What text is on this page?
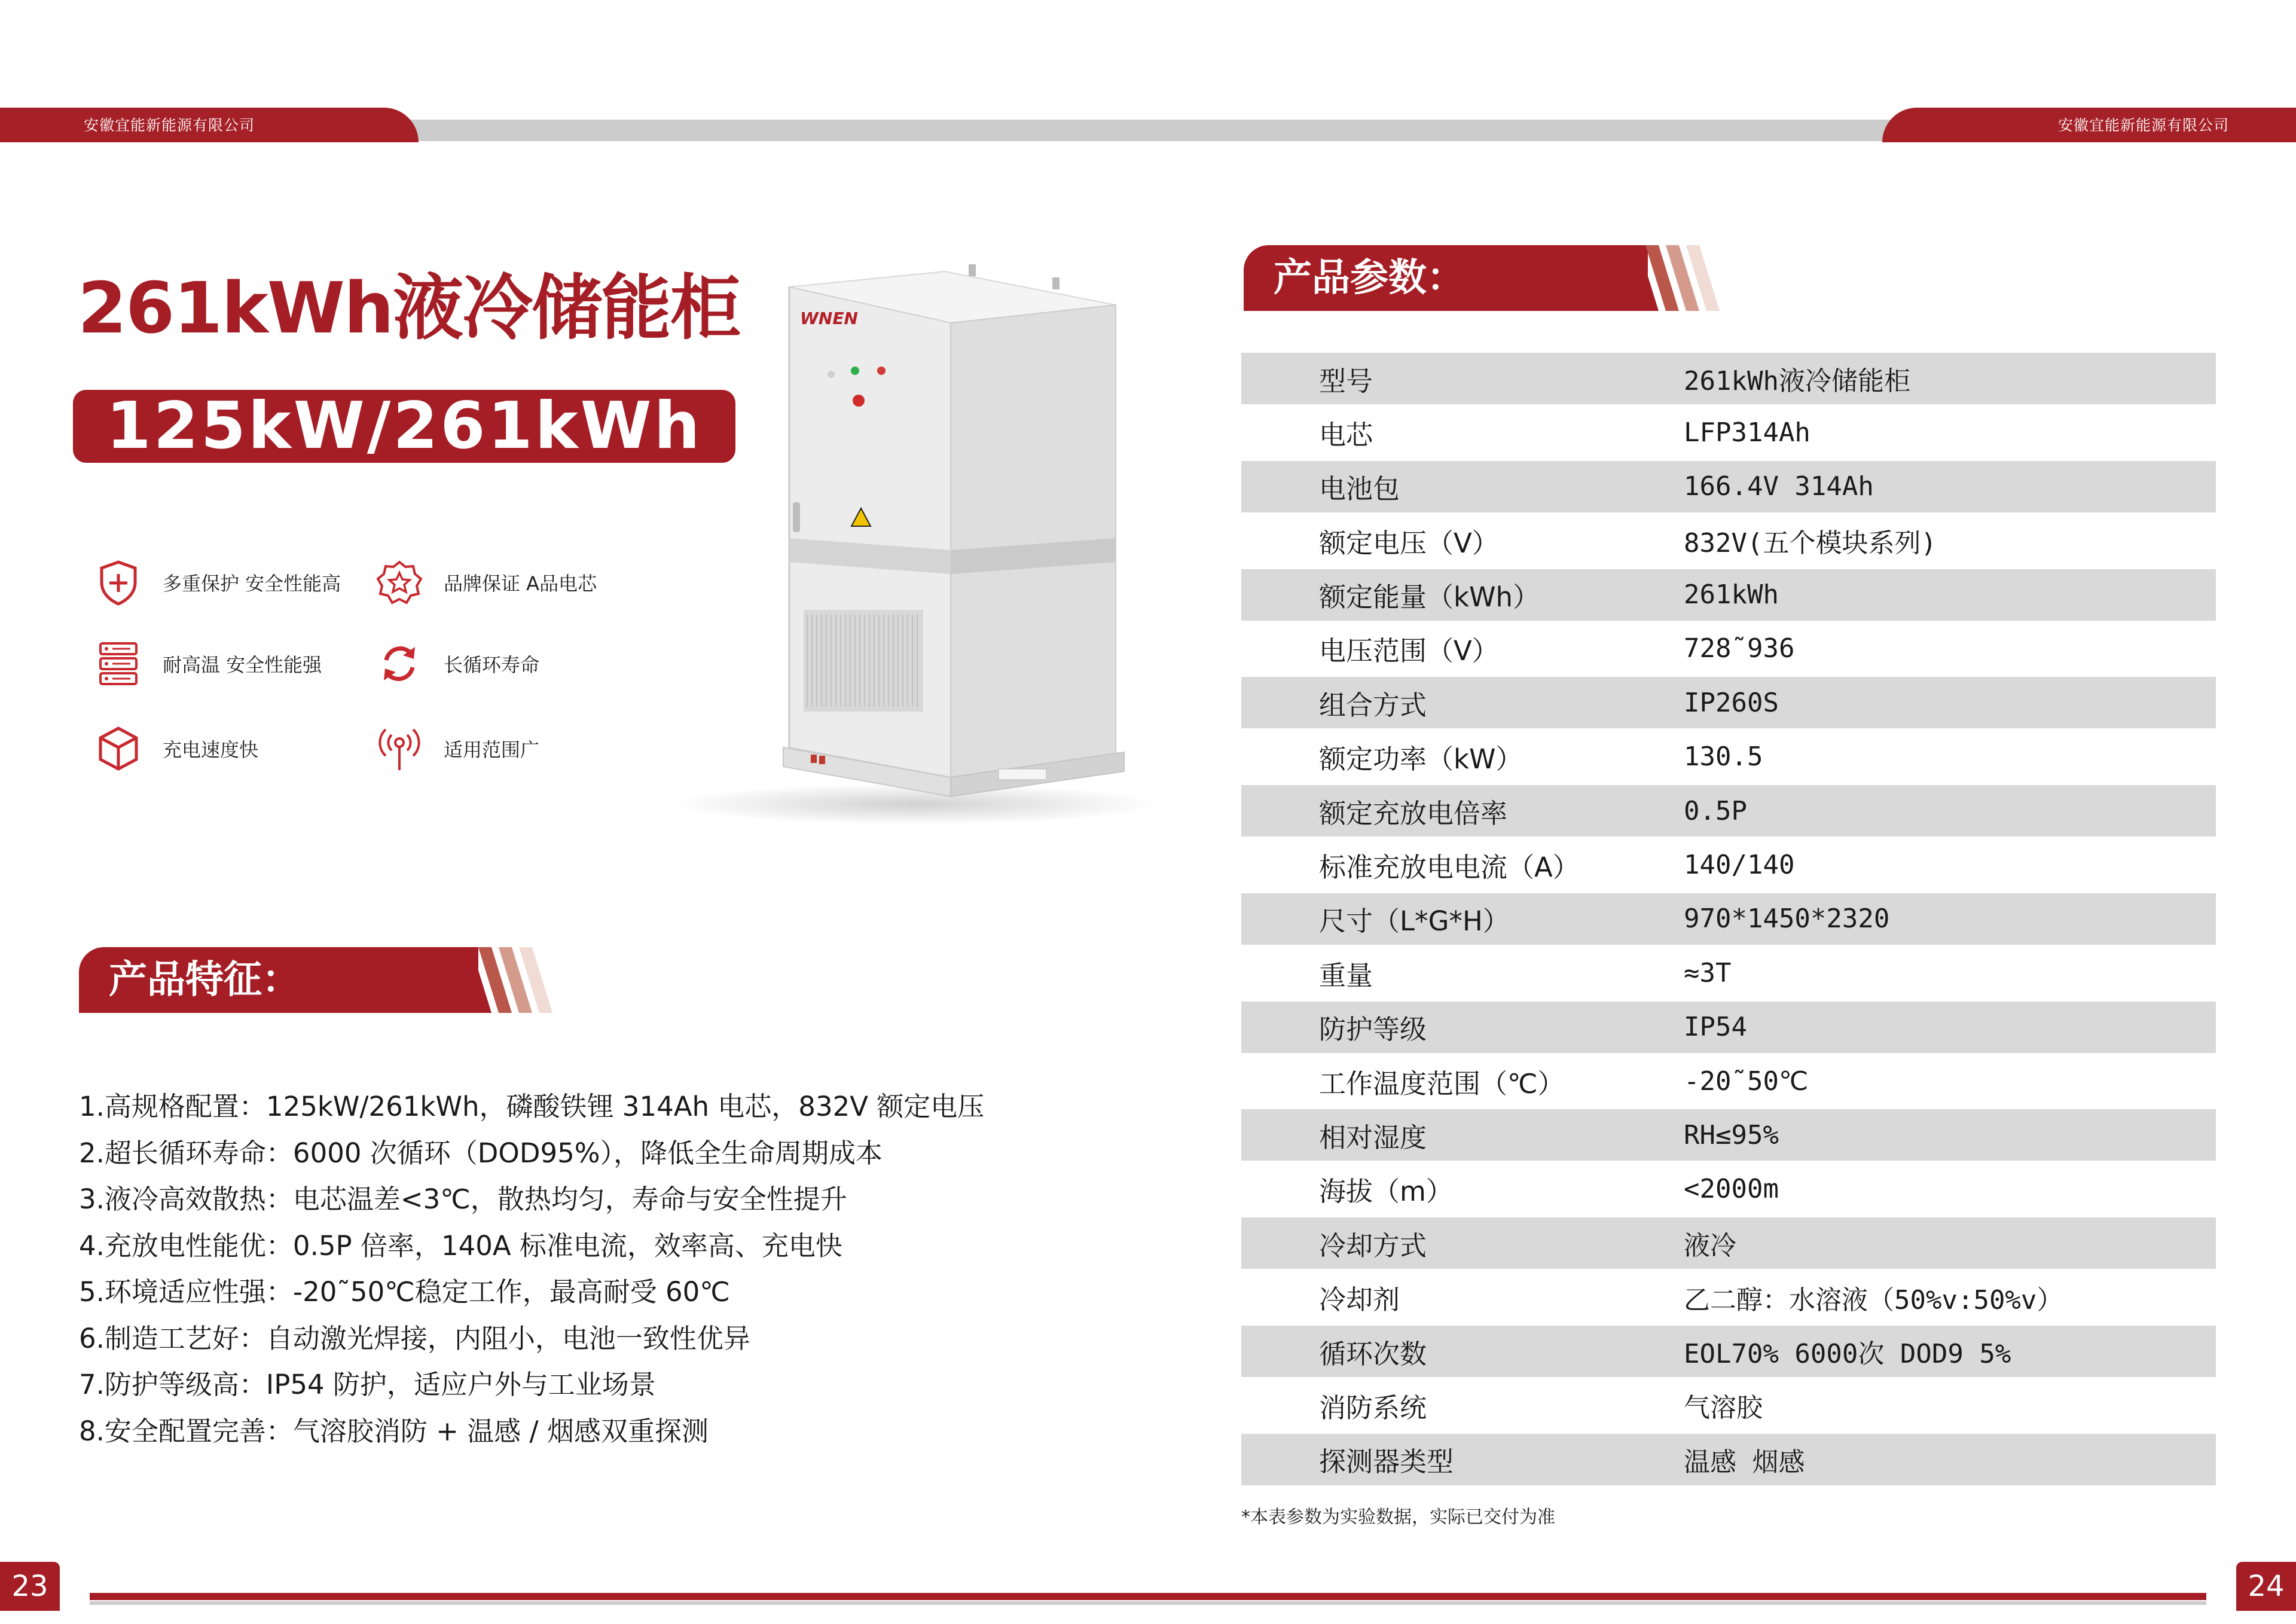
安徽宜能新能源有限公司	安徽宜能新能源有限公司
261kWh液冷储能柜
125kW/261kWh
多重保护 安全性能高	品牌保证 A品电芯
耐高温 安全性能强	长循环寿命
充电速度快	适用范围广
WNEN
产品特征：
1.高规格配置：125kW/261kWh，磷酸铁锂 314Ah 电芯，832V 额定电压
2.超长循环寿命：6000 次循环（DOD95%），降低全生命周期成本
3.液冷高效散热：电芯温差<3℃，散热均匀，寿命与安全性提升
4.充放电性能优：0.5P 倍率，140A 标准电流，效率高、充电快
5.环境适应性强：-20˜50℃稳定工作，最高耐受 60℃
6.制造工艺好：自动激光焊接，内阻小，电池一致性优异
7.防护等级高：IP54 防护，适应户外与工业场景
8.安全配置完善：气溶胶消防 + 温感 / 烟感双重探测
产品参数：
型号	261kWh液冷储能柜
电芯	LFP314Ah
电池包	166.4V 314Ah
额定电压（V）	832V(五个模块系列)
额定能量（kWh）	261kWh
电压范围（V）	728˜936
组合方式	IP260S
额定功率（kW）	130.5
额定充放电倍率	0.5P
标准充放电电流（A）	140/140
尺寸（L*G*H）	970*1450*2320
重量	≈3T
防护等级	IP54
工作温度范围（℃）	-20˜50℃
相对湿度	RH≤95%
海拔（m）	<2000m
冷却方式	液冷
冷却剂	乙二醇：水溶液（50%v:50%v）
循环次数	EOL70% 6000次 DOD9 5%
消防系统	气溶胶
探测器类型	温感 烟感
*本表参数为实验数据，实际已交付为准
23	24
